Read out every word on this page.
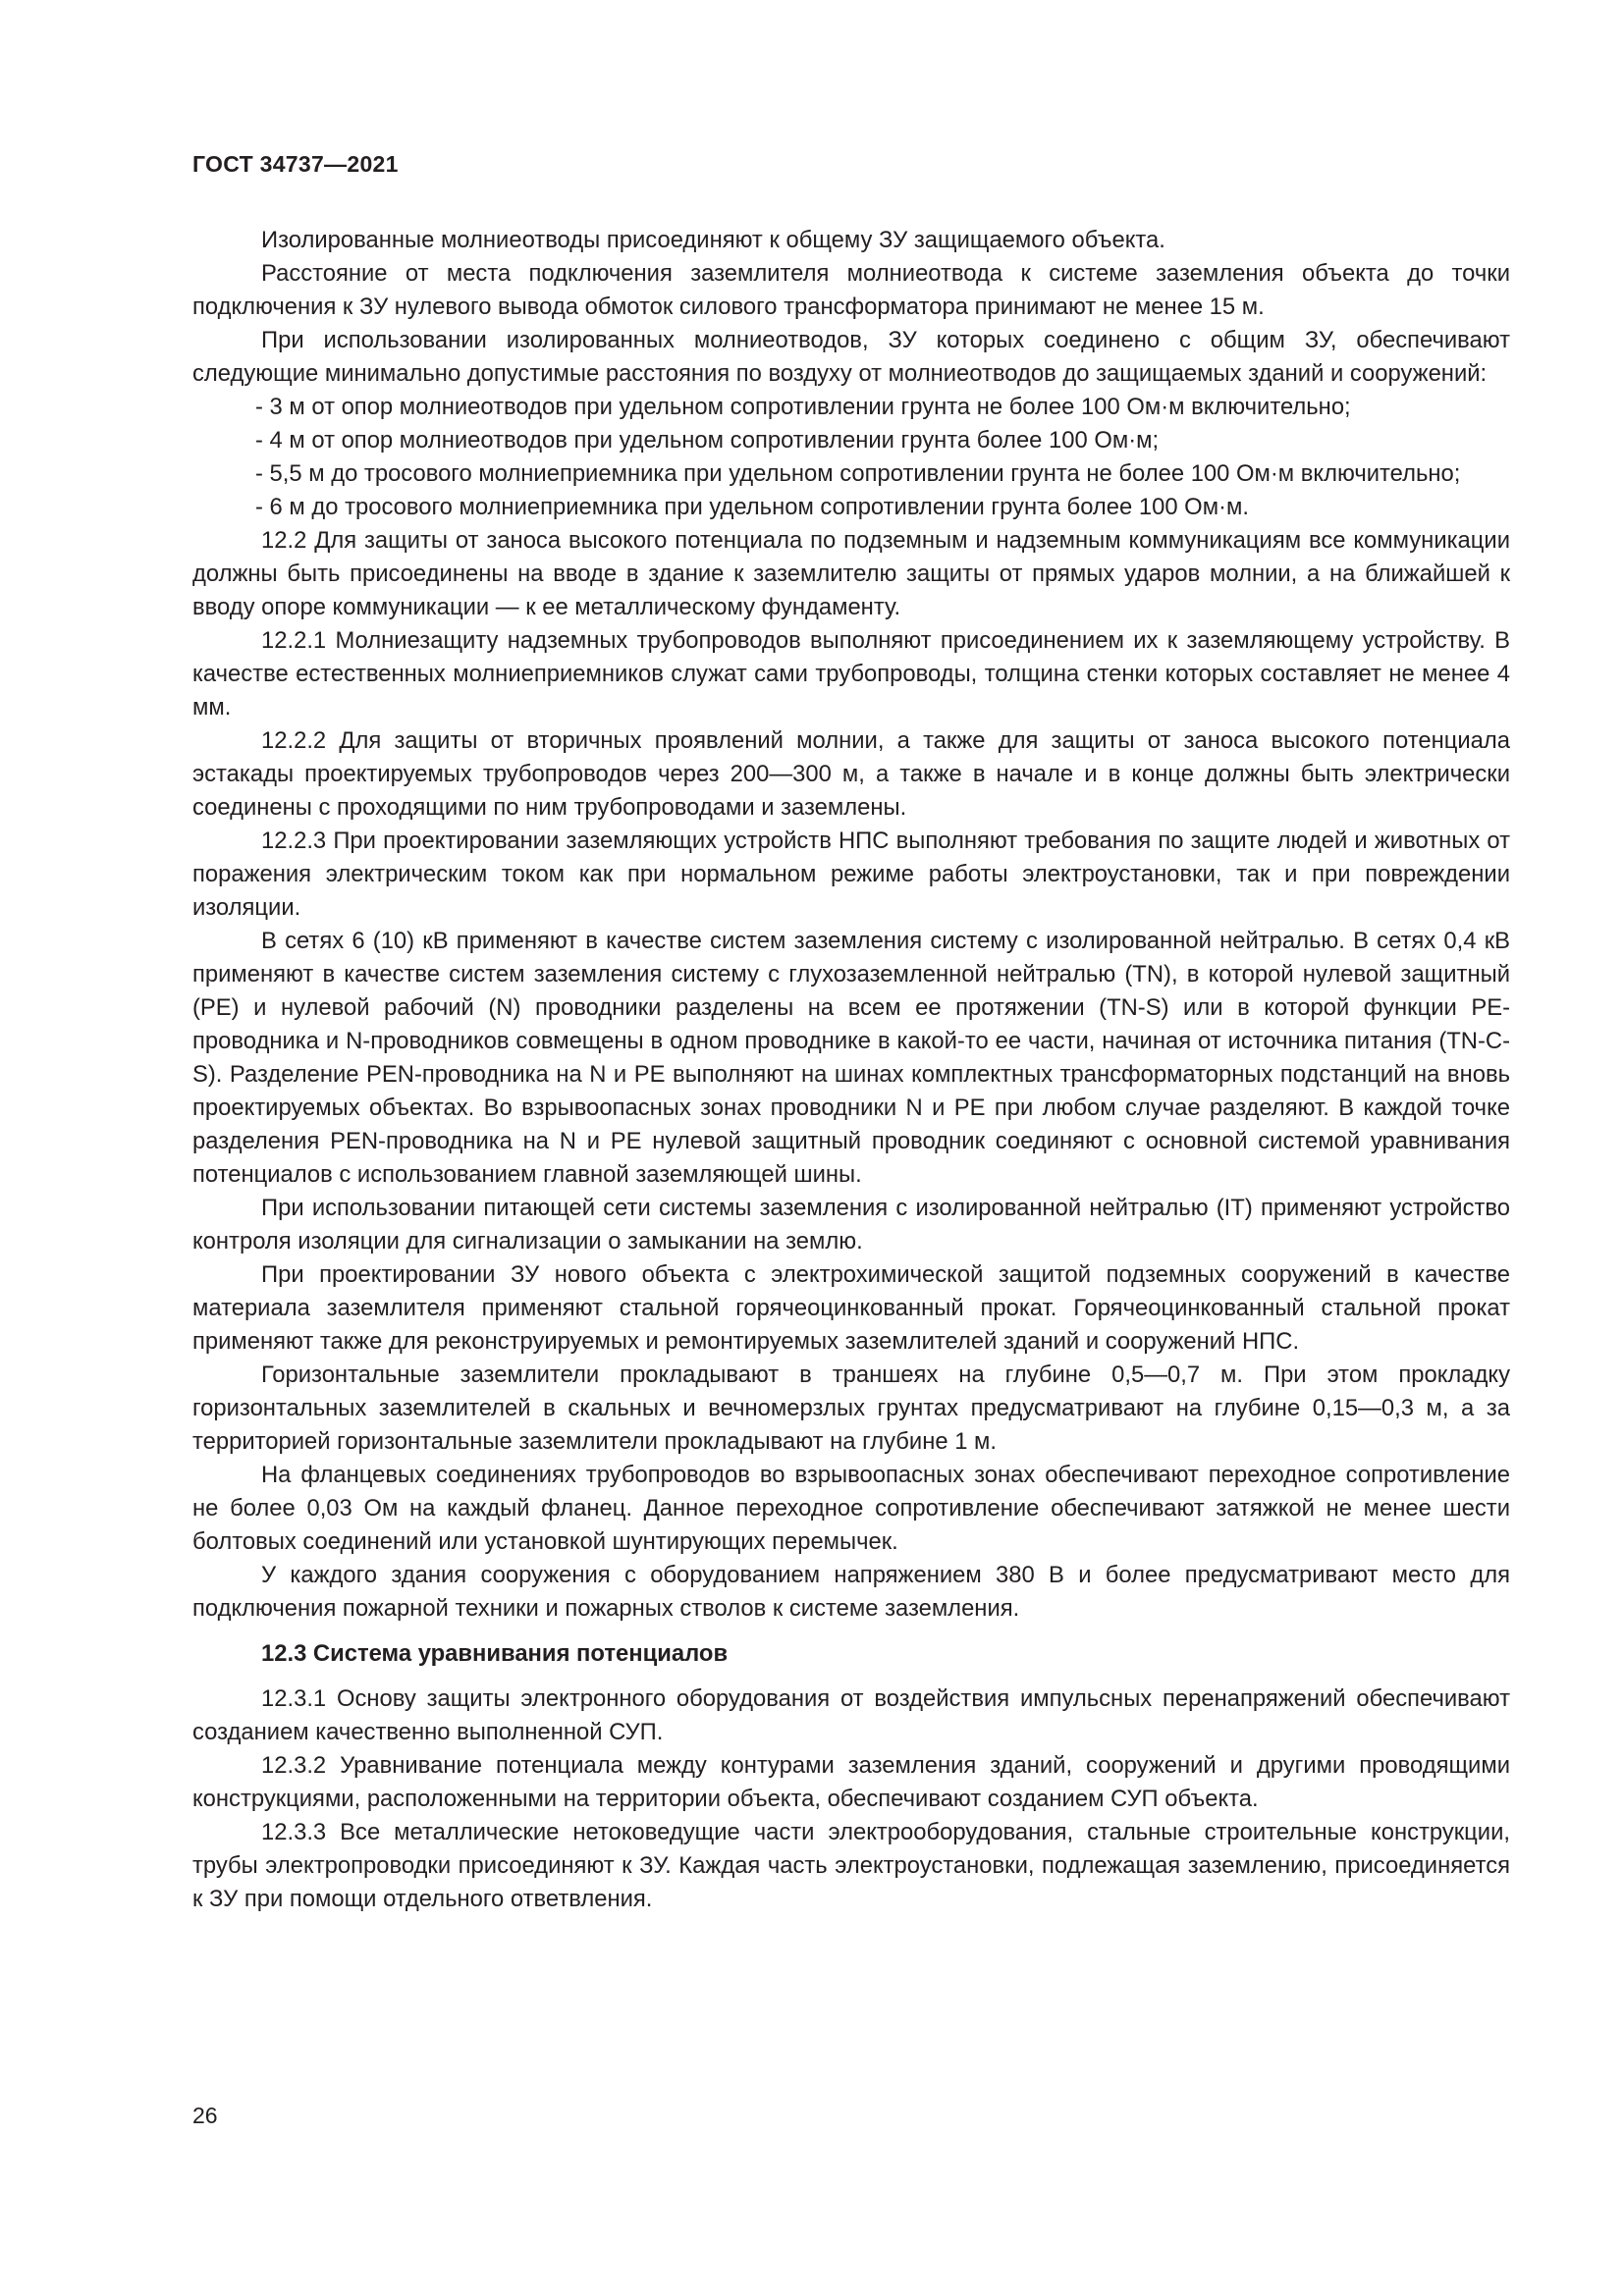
ГОСТ 34737—2021

Изолированные молниеотводы присоединяют к общему ЗУ защищаемого объекта.

Расстояние от места подключения заземлителя молниеотвода к системе заземления объекта до точки подключения к ЗУ нулевого вывода обмоток силового трансформатора принимают не менее 15 м.

При использовании изолированных молниеотводов, ЗУ которых соединено с общим ЗУ, обеспечивают следующие минимально допустимые расстояния по воздуху от молниеотводов до защищаемых зданий и сооружений:

- 3 м от опор молниеотводов при удельном сопротивлении грунта не более 100 Ом·м включительно;

- 4 м от опор молниеотводов при удельном сопротивлении грунта более 100 Ом·м;

- 5,5 м до тросового молниеприемника при удельном сопротивлении грунта не более 100 Ом·м включительно;

- 6 м до тросового молниеприемника при удельном сопротивлении грунта более 100 Ом·м.

12.2 Для защиты от заноса высокого потенциала по подземным и надземным коммуникациям все коммуникации должны быть присоединены на вводе в здание к заземлителю защиты от прямых ударов молнии, а на ближайшей к вводу опоре коммуникации — к ее металлическому фундаменту.

12.2.1 Молниезащиту надземных трубопроводов выполняют присоединением их к заземляющему устройству. В качестве естественных молниеприемников служат сами трубопроводы, толщина стенки которых составляет не менее 4 мм.

12.2.2 Для защиты от вторичных проявлений молнии, а также для защиты от заноса высокого потенциала эстакады проектируемых трубопроводов через 200—300 м, а также в начале и в конце должны быть электрически соединены с проходящими по ним трубопроводами и заземлены.

12.2.3 При проектировании заземляющих устройств НПС выполняют требования по защите людей и животных от поражения электрическим током как при нормальном режиме работы электроустановки, так и при повреждении изоляции.

В сетях 6 (10) кВ применяют в качестве систем заземления систему с изолированной нейтралью. В сетях 0,4 кВ применяют в качестве систем заземления систему с глухозаземленной нейтралью (TN), в которой нулевой защитный (PE) и нулевой рабочий (N) проводники разделены на всем ее протяжении (TN-S) или в которой функции PE-проводника и N-проводников совмещены в одном проводнике в какой-то ее части, начиная от источника питания (TN-C-S). Разделение PEN-проводника на N и PE выполняют на шинах комплектных трансформаторных подстанций на вновь проектируемых объектах. Во взрывоопасных зонах проводники N и PE при любом случае разделяют. В каждой точке разделения PEN-проводника на N и PE нулевой защитный проводник соединяют с основной системой уравнивания потенциалов с использованием главной заземляющей шины.

При использовании питающей сети системы заземления с изолированной нейтралью (IT) применяют устройство контроля изоляции для сигнализации о замыкании на землю.

При проектировании ЗУ нового объекта с электрохимической защитой подземных сооружений в качестве материала заземлителя применяют стальной горячеоцинкованный прокат. Горячеоцинкованный стальной прокат применяют также для реконструируемых и ремонтируемых заземлителей зданий и сооружений НПС.

Горизонтальные заземлители прокладывают в траншеях на глубине 0,5—0,7 м. При этом прокладку горизонтальных заземлителей в скальных и вечномерзлых грунтах предусматривают на глубине 0,15—0,3 м, а за территорией горизонтальные заземлители прокладывают на глубине 1 м.

На фланцевых соединениях трубопроводов во взрывоопасных зонах обеспечивают переходное сопротивление не более 0,03 Ом на каждый фланец. Данное переходное сопротивление обеспечивают затяжкой не менее шести болтовых соединений или установкой шунтирующих перемычек.

У каждого здания сооружения с оборудованием напряжением 380 В и более предусматривают место для подключения пожарной техники и пожарных стволов к системе заземления.

12.3 Система уравнивания потенциалов

12.3.1 Основу защиты электронного оборудования от воздействия импульсных перенапряжений обеспечивают созданием качественно выполненной СУП.

12.3.2 Уравнивание потенциала между контурами заземления зданий, сооружений и другими проводящими конструкциями, расположенными на территории объекта, обеспечивают созданием СУП объекта.

12.3.3 Все металлические нетоковедущие части электрооборудования, стальные строительные конструкции, трубы электропроводки присоединяют к ЗУ. Каждая часть электроустановки, подлежащая заземлению, присоединяется к ЗУ при помощи отдельного ответвления.

26
